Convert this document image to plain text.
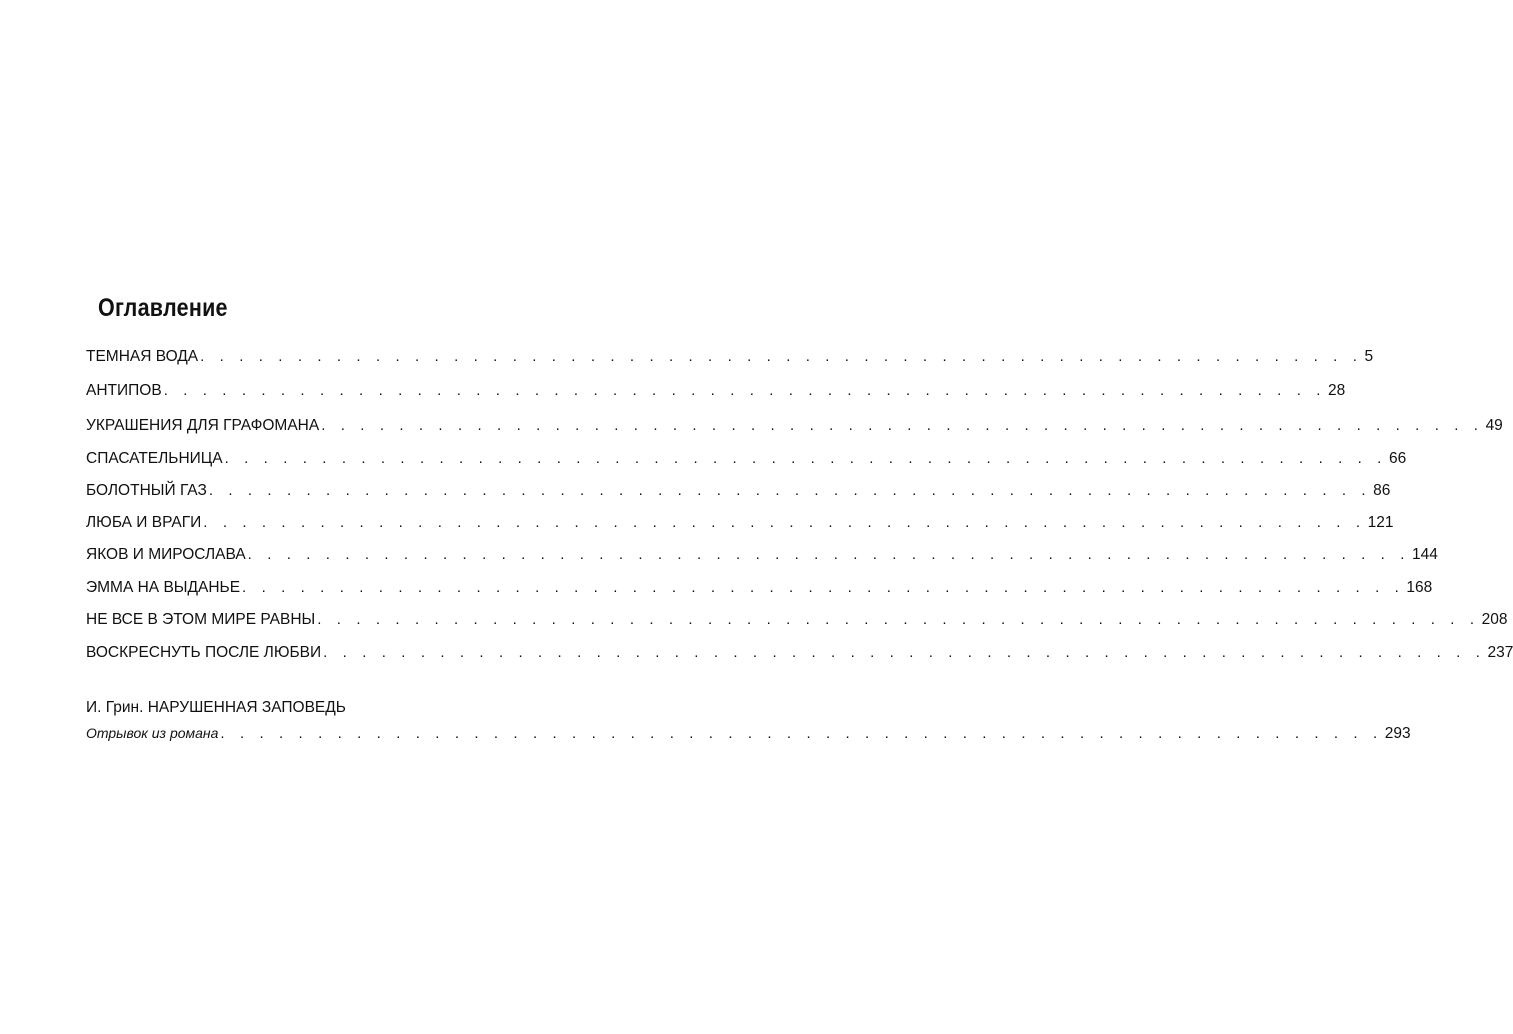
Оглавление
ТЕМНАЯ ВОДА . . . . . . . . . . . . . . . . . . . . . . . . . . . . . . . . . . . . . . . . . . . . . . . . . . . . . . . . . . . . 5
АНТИПОВ . . . . . . . . . . . . . . . . . . . . . . . . . . . . . . . . . . . . . . . . . . . . . . . . . . . . . . . . . . . . 28
УКРАШЕНИЯ ДЛЯ ГРАФОМАНА . . . . . . . . . . . . . . . . . . . . . . . . . . . . . . . . . . . . . . . . . . . . . . . . . . . . . . . . . . . . 49
СПАСАТЕЛЬНИЦА . . . . . . . . . . . . . . . . . . . . . . . . . . . . . . . . . . . . . . . . . . . . . . . . . . . . . . . . . . . . 66
БОЛОТНЫЙ ГАЗ . . . . . . . . . . . . . . . . . . . . . . . . . . . . . . . . . . . . . . . . . . . . . . . . . . . . . . . . . . . . 86
ЛЮБА И ВРАГИ . . . . . . . . . . . . . . . . . . . . . . . . . . . . . . . . . . . . . . . . . . . . . . . . . . . . . . . . . . . . 121
ЯКОВ И МИРОСЛАВА . . . . . . . . . . . . . . . . . . . . . . . . . . . . . . . . . . . . . . . . . . . . . . . . . . . . . . . . . . . . 144
ЭММА НА ВЫДАНЬЕ . . . . . . . . . . . . . . . . . . . . . . . . . . . . . . . . . . . . . . . . . . . . . . . . . . . . . . . . . . . . 168
НЕ ВСЕ В ЭТОМ МИРЕ РАВНЫ . . . . . . . . . . . . . . . . . . . . . . . . . . . . . . . . . . . . . . . . . . . . . . . . . . . . . . . . . . . . 208
ВОСКРЕСНУТЬ ПОСЛЕ ЛЮБВИ . . . . . . . . . . . . . . . . . . . . . . . . . . . . . . . . . . . . . . . . . . . . . . . . . . . . . . . . . . . . 237
И. Грин. НАРУШЕННАЯ ЗАПОВЕДЬ
Отрывок из романа . . . . . . . . . . . . . . . . . . . . . . . . . . . . . . . . . . . . . . . . . . . . . . . . . . . . . . . . . . . . 293
